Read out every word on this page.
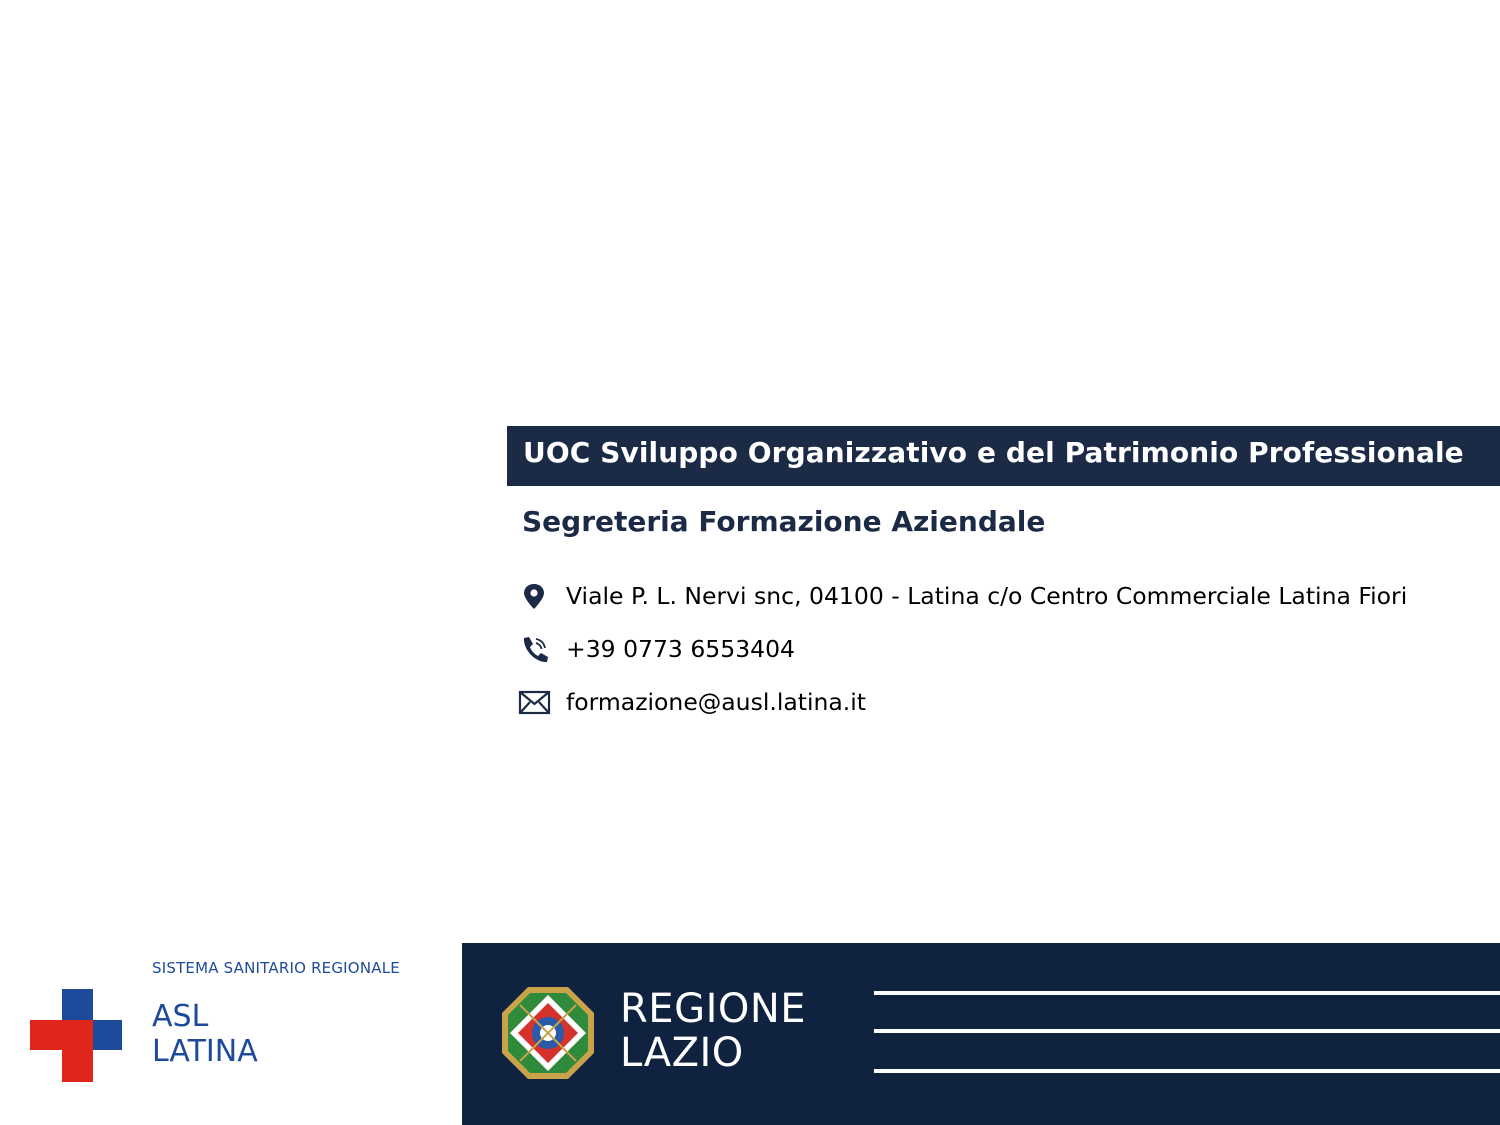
UOC Sviluppo Organizzativo e del Patrimonio Professionale
Segreteria Formazione Aziendale
Viale P. L. Nervi snc, 04100 - Latina c/o Centro Commerciale Latina Fiori
+39 0773 6553404
formazione@ausl.latina.it
SISTEMA SANITARIO REGIONALE
ASL
LATINA
REGIONE
LAZIO
